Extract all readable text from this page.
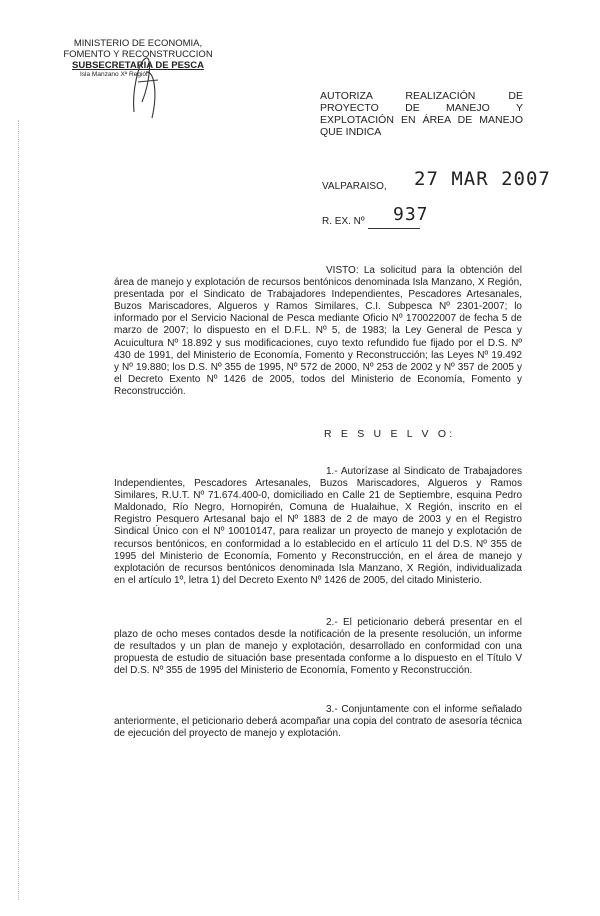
MINISTERIO DE ECONOMIA,
FOMENTO Y RECONSTRUCCION
SUBSECRETARIA DE PESCA
Isla Manzano Xª Región
AUTORIZA REALIZACIÓN DE PROYECTO DE MANEJO Y EXPLOTACIÓN EN ÁREA DE MANEJO QUE INDICA
VALPARAISO, 27 MAR 2007
R. EX. Nº 937
VISTO: La solicitud para la obtención del área de manejo y explotación de recursos bentónicos denominada Isla Manzano, X Región, presentada por el Sindicato de Trabajadores Independientes, Pescadores Artesanales, Buzos Mariscadores, Algueros y Ramos Similares, C.I. Subpesca Nº 2301-2007; lo informado por el Servicio Nacional de Pesca mediante Oficio Nº 170022007 de fecha 5 de marzo de 2007; lo dispuesto en el D.F.L. Nº 5, de 1983; la Ley General de Pesca y Acuicultura Nº 18.892 y sus modificaciones, cuyo texto refundido fue fijado por el D.S. Nº 430 de 1991, del Ministerio de Economía, Fomento y Reconstrucción; las Leyes Nº 19.492 y Nº 19.880; los D.S. Nº 355 de 1995, Nº 572 de 2000, Nº 253 de 2002 y Nº 357 de 2005 y el Decreto Exento Nº 1426 de 2005, todos del Ministerio de Economía, Fomento y Reconstrucción.
R E S U E L V O:
1.- Autorízase al Sindicato de Trabajadores Independientes, Pescadores Artesanales, Buzos Mariscadores, Algueros y Ramos Similares, R.U.T. Nº 71.674.400-0, domiciliado en Calle 21 de Septiembre, esquina Pedro Maldonado, Río Negro, Hornopirén, Comuna de Hualaihue, X Región, inscrito en el Registro Pesquero Artesanal bajo el Nº 1883 de 2 de mayo de 2003 y en el Registro Sindical Único con el Nº 10010147, para realizar un proyecto de manejo y explotación de recursos bentónicos, en conformidad a lo establecido en el artículo 11 del D.S. Nº 355 de 1995 del Ministerio de Economía, Fomento y Reconstrucción, en el área de manejo y explotación de recursos bentónicos denominada Isla Manzano, X Región, individualizada en el artículo 1º, letra 1) del Decreto Exento Nº 1426 de 2005, del citado Ministerio.
2.- El peticionario deberá presentar en el plazo de ocho meses contados desde la notificación de la presente resolución, un informe de resultados y un plan de manejo y explotación, desarrollado en conformidad con una propuesta de estudio de situación base presentada conforme a lo dispuesto en el Título V del D.S. Nº 355 de 1995 del Ministerio de Economía, Fomento y Reconstrucción.
3.- Conjuntamente con el informe señalado anteriormente, el peticionario deberá acompañar una copia del contrato de asesoría técnica de ejecución del proyecto de manejo y explotación.
